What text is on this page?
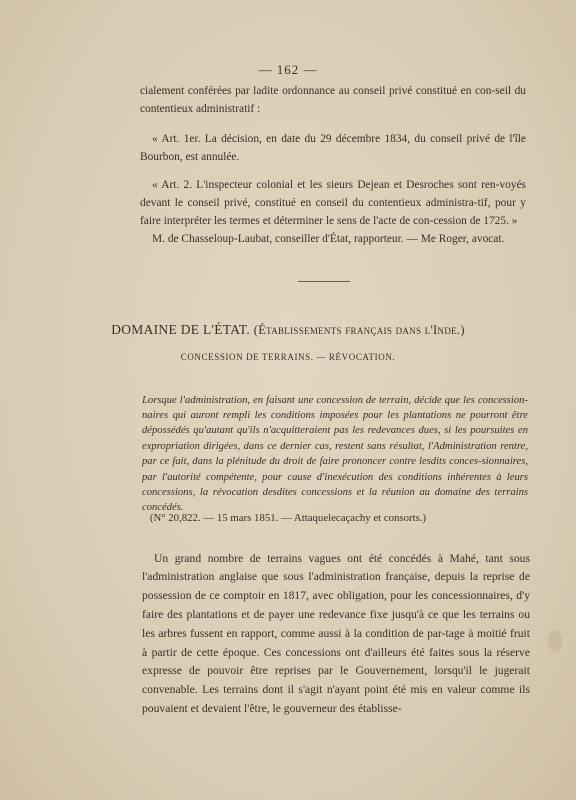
— 162 —

cialement conférées par ladite ordonnance au conseil privé constitué en con-seil du contentieux administratif :

« Art. 1er. La décision, en date du 29 décembre 1834, du conseil privé de l'île Bourbon, est annulée.

« Art. 2. L'inspecteur colonial et les sieurs Dejean et Desroches sont ren-voyés devant le conseil privé, constitué en conseil du contentieux administra-tif, pour y faire interpréter les termes et déterminer le sens de l'acte de con-cession de 1725. »

M. de Chasseloup-Laubat, conseiller d'État, rapporteur. — Me Roger, avocat.

DOMAINE DE L'ÉTAT. (Établissements français dans l'Inde.)
CONCESSION DE TERRAINS. — RÉVOCATION.

Lorsque l'administration, en faisant une concession de terrain, décide que les concession-naires qui auront rempli les conditions imposées pour les plantations ne pourront être dépossédés qu'autant qu'ils n'acquitteraient pas les redevances dues, si les poursuites en expropriation dirigées, dans ce dernier cas, restent sans résultat, l'Administration rentre, par ce fait, dans la plénitude du droit de faire prononcer contre lesdits conces-sionnaires, par l'autorité compétente, pour cause d'inexécution des conditions inhérentes à leurs concessions, la révocation desdites concessions et la réunion au domaine des terrains concédés.

(N° 20,822. — 15 mars 1851. — Attaquelecaçachy et consorts.)

Un grand nombre de terrains vagues ont été concédés à Mahé, tant sous l'administration anglaise que sous l'administration française, depuis la reprise de possession de ce comptoir en 1817, avec obligation, pour les concessionnaires, d'y faire des plantations et de payer une redevance fixe jusqu'à ce que les terrains ou les arbres fussent en rapport, comme aussi à la condition de par-tage à moitié fruit à partir de cette époque. Ces concessions ont d'ailleurs été faites sous la réserve expresse de pouvoir être reprises par le Gouvernement, lorsqu'il le jugerait convenable. Les terrains dont il s'agit n'ayant point été mis en valeur comme ils pouvaient et devaient l'être, le gouverneur des établisse-
